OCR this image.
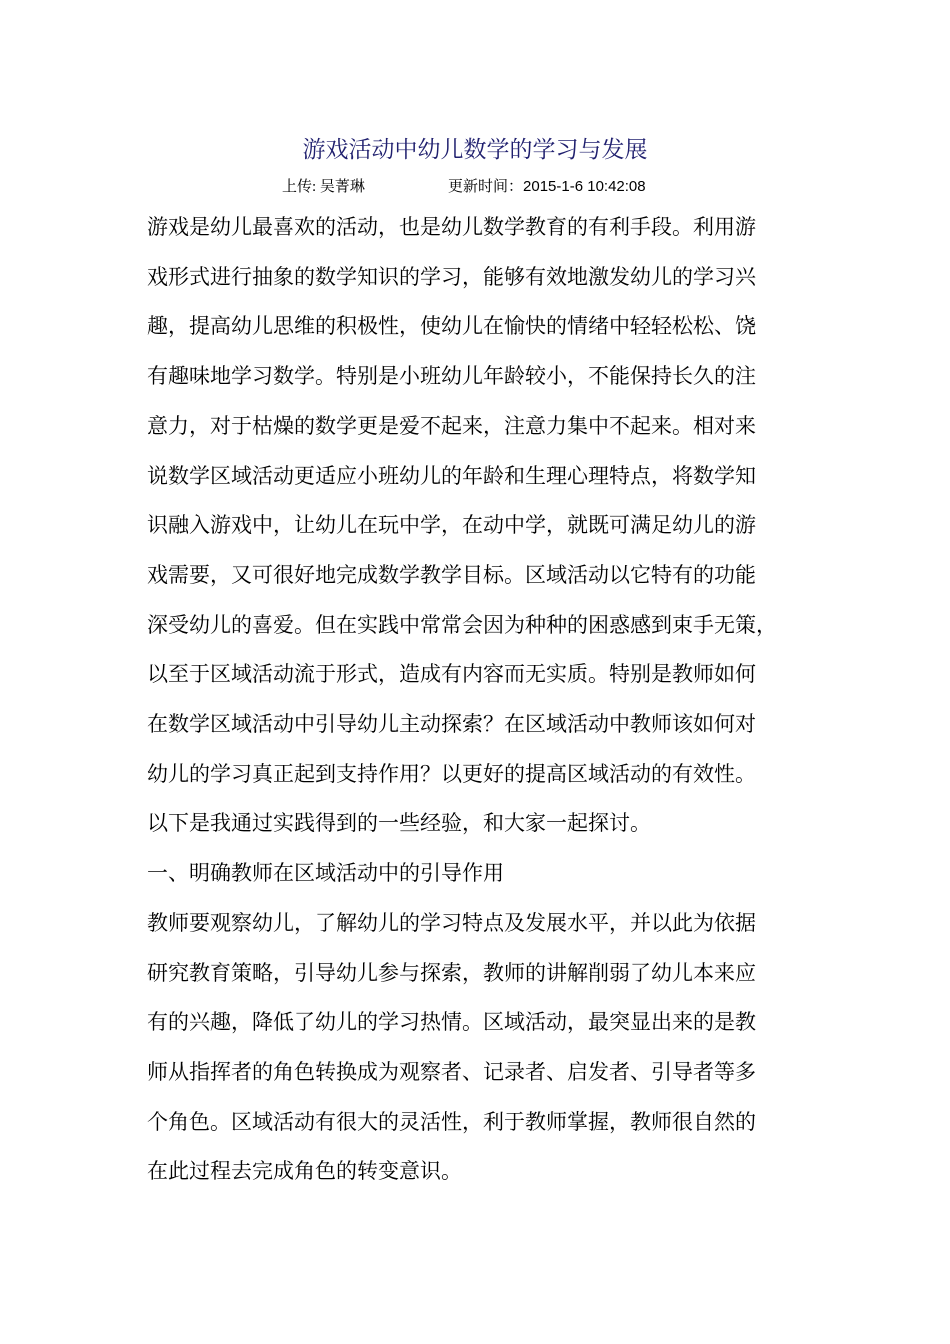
游戏活动中幼儿数学的学习与发展
上传: 吴菁琳	更新时间：2015-1-6 10:42:08
游戏是幼儿最喜欢的活动，也是幼儿数学教育的有利手段。利用游
戏形式进行抽象的数学知识的学习，能够有效地激发幼儿的学习兴
趣，提高幼儿思维的积极性，使幼儿在愉快的情绪中轻轻松松、饶
有趣味地学习数学。特别是小班幼儿年龄较小，不能保持长久的注
意力，对于枯燥的数学更是爱不起来，注意力集中不起来。相对来
说数学区域活动更适应小班幼儿的年龄和生理心理特点，将数学知
识融入游戏中，让幼儿在玩中学，在动中学，就既可满足幼儿的游
戏需要，又可很好地完成数学教学目标。区域活动以它特有的功能
深受幼儿的喜爱。但在实践中常常会因为种种的困惑感到束手无策，
以至于区域活动流于形式，造成有内容而无实质。特别是教师如何
在数学区域活动中引导幼儿主动探索？在区域活动中教师该如何对
幼儿的学习真正起到支持作用？以更好的提高区域活动的有效性。
以下是我通过实践得到的一些经验，和大家一起探讨。
一、明确教师在区域活动中的引导作用
教师要观察幼儿，了解幼儿的学习特点及发展水平，并以此为依据
研究教育策略，引导幼儿参与探索，教师的讲解削弱了幼儿本来应
有的兴趣，降低了幼儿的学习热情。区域活动，最突显出来的是教
师从指挥者的角色转换成为观察者、记录者、启发者、引导者等多
个角色。区域活动有很大的灵活性，利于教师掌握，教师很自然的
在此过程去完成角色的转变意识。
